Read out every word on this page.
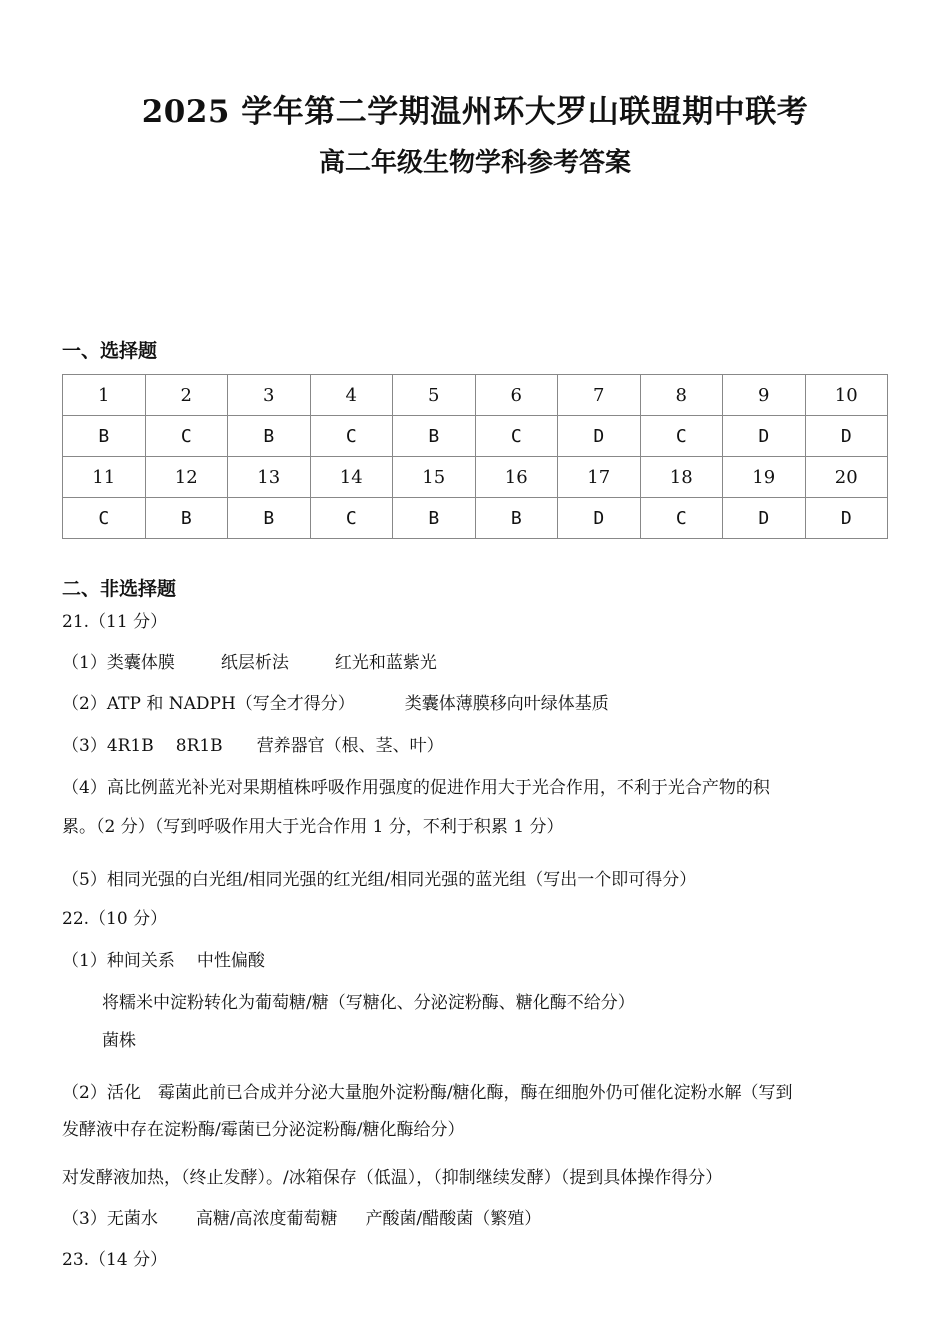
2025 学年第二学期温州环大罗山联盟期中联考
高二年级生物学科参考答案
一、选择题
1	2	3	4	5	6	7	8	9	10
B	C	B	C	B	C	D	C	D	D
11	12	13	14	15	16	17	18	19	20
C	B	B	C	B	B	D	C	D	D
二、非选择题
21.（11 分）
（1）类囊体膜	纸层析法	红光和蓝紫光
（2）ATP 和 NADPH（写全才得分）	类囊体薄膜移向叶绿体基质
（3）4R1B 8R1B 营养器官（根、茎、叶）
（4）高比例蓝光补光对果期植株呼吸作用强度的促进作用大于光合作用，不利于光合产物的积
累。（2 分）（写到呼吸作用大于光合作用 1 分，不利于积累 1 分）
（5）相同光强的白光组/相同光强的红光组/相同光强的蓝光组（写出一个即可得分）
22.（10 分）
（1）种间关系 中性偏酸
将糯米中淀粉转化为葡萄糖/糖（写糖化、分泌淀粉酶、糖化酶不给分）
菌株
（2）活化　霉菌此前已合成并分泌大量胞外淀粉酶/糖化酶，酶在细胞外仍可催化淀粉水解（写到
发酵液中存在淀粉酶/霉菌已分泌淀粉酶/糖化酶给分）
对发酵液加热，（终止发酵）。/冰箱保存（低温），（抑制继续发酵）（提到具体操作得分）
（3）无菌水 高糖/高浓度葡萄糖 产酸菌/醋酸菌（繁殖）
23.（14 分）
